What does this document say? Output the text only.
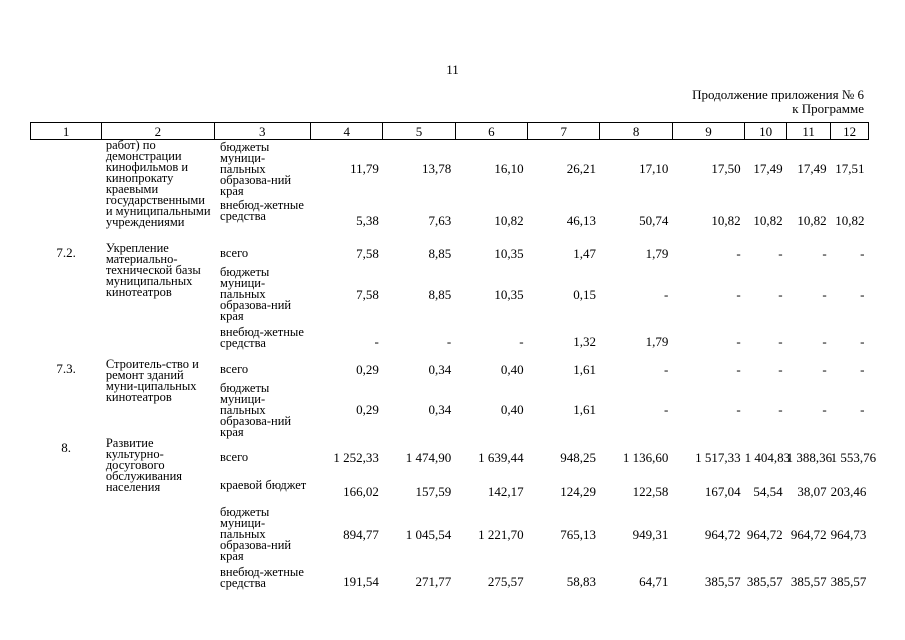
11
Продолжение приложения № 6
к Программе
1	2	3	4	5	6	7	8	9	10	11	12
	работ) по демонстрации кинофильмов и кинопрокату краевыми государственными и муниципальными учреждениями	бюджеты муници-пальных образова-ний края	11,79	13,78	16,10	26,21	17,10	17,50	17,49	17,49	17,51
		внебюд-жетные средства	5,38	7,63	10,82	46,13	50,74	10,82	10,82	10,82	10,82
7.2.	Укрепление материально-технической базы муниципальных кинотеатров	всего	7,58	8,85	10,35	1,47	1,79	-	-	-	-
		бюджеты муници-пальных образова-ний края	7,58	8,85	10,35	0,15	-	-	-	-	-
		внебюд-жетные средства	-	-	-	1,32	1,79	-	-	-	-
7.3.	Строитель-ство и ремонт зданий муни-ципальных кинотеатров	всего	0,29	0,34	0,40	1,61	-	-	-	-	-
		бюджеты муници-пальных образова-ний края	0,29	0,34	0,40	1,61	-	-	-	-	-
8.	Развитие культурно-досугового обслуживания населения	всего	1 252,33	1 474,90	1 639,44	948,25	1 136,60	1 517,33	1 404,83	1 388,36	1 553,76
		краевой бюджет	166,02	157,59	142,17	124,29	122,58	167,04	54,54	38,07	203,46
		бюджеты муници-пальных образова-ний края	894,77	1 045,54	1 221,70	765,13	949,31	964,72	964,72	964,72	964,73
		внебюд-жетные средства	191,54	271,77	275,57	58,83	64,71	385,57	385,57	385,57	385,57
